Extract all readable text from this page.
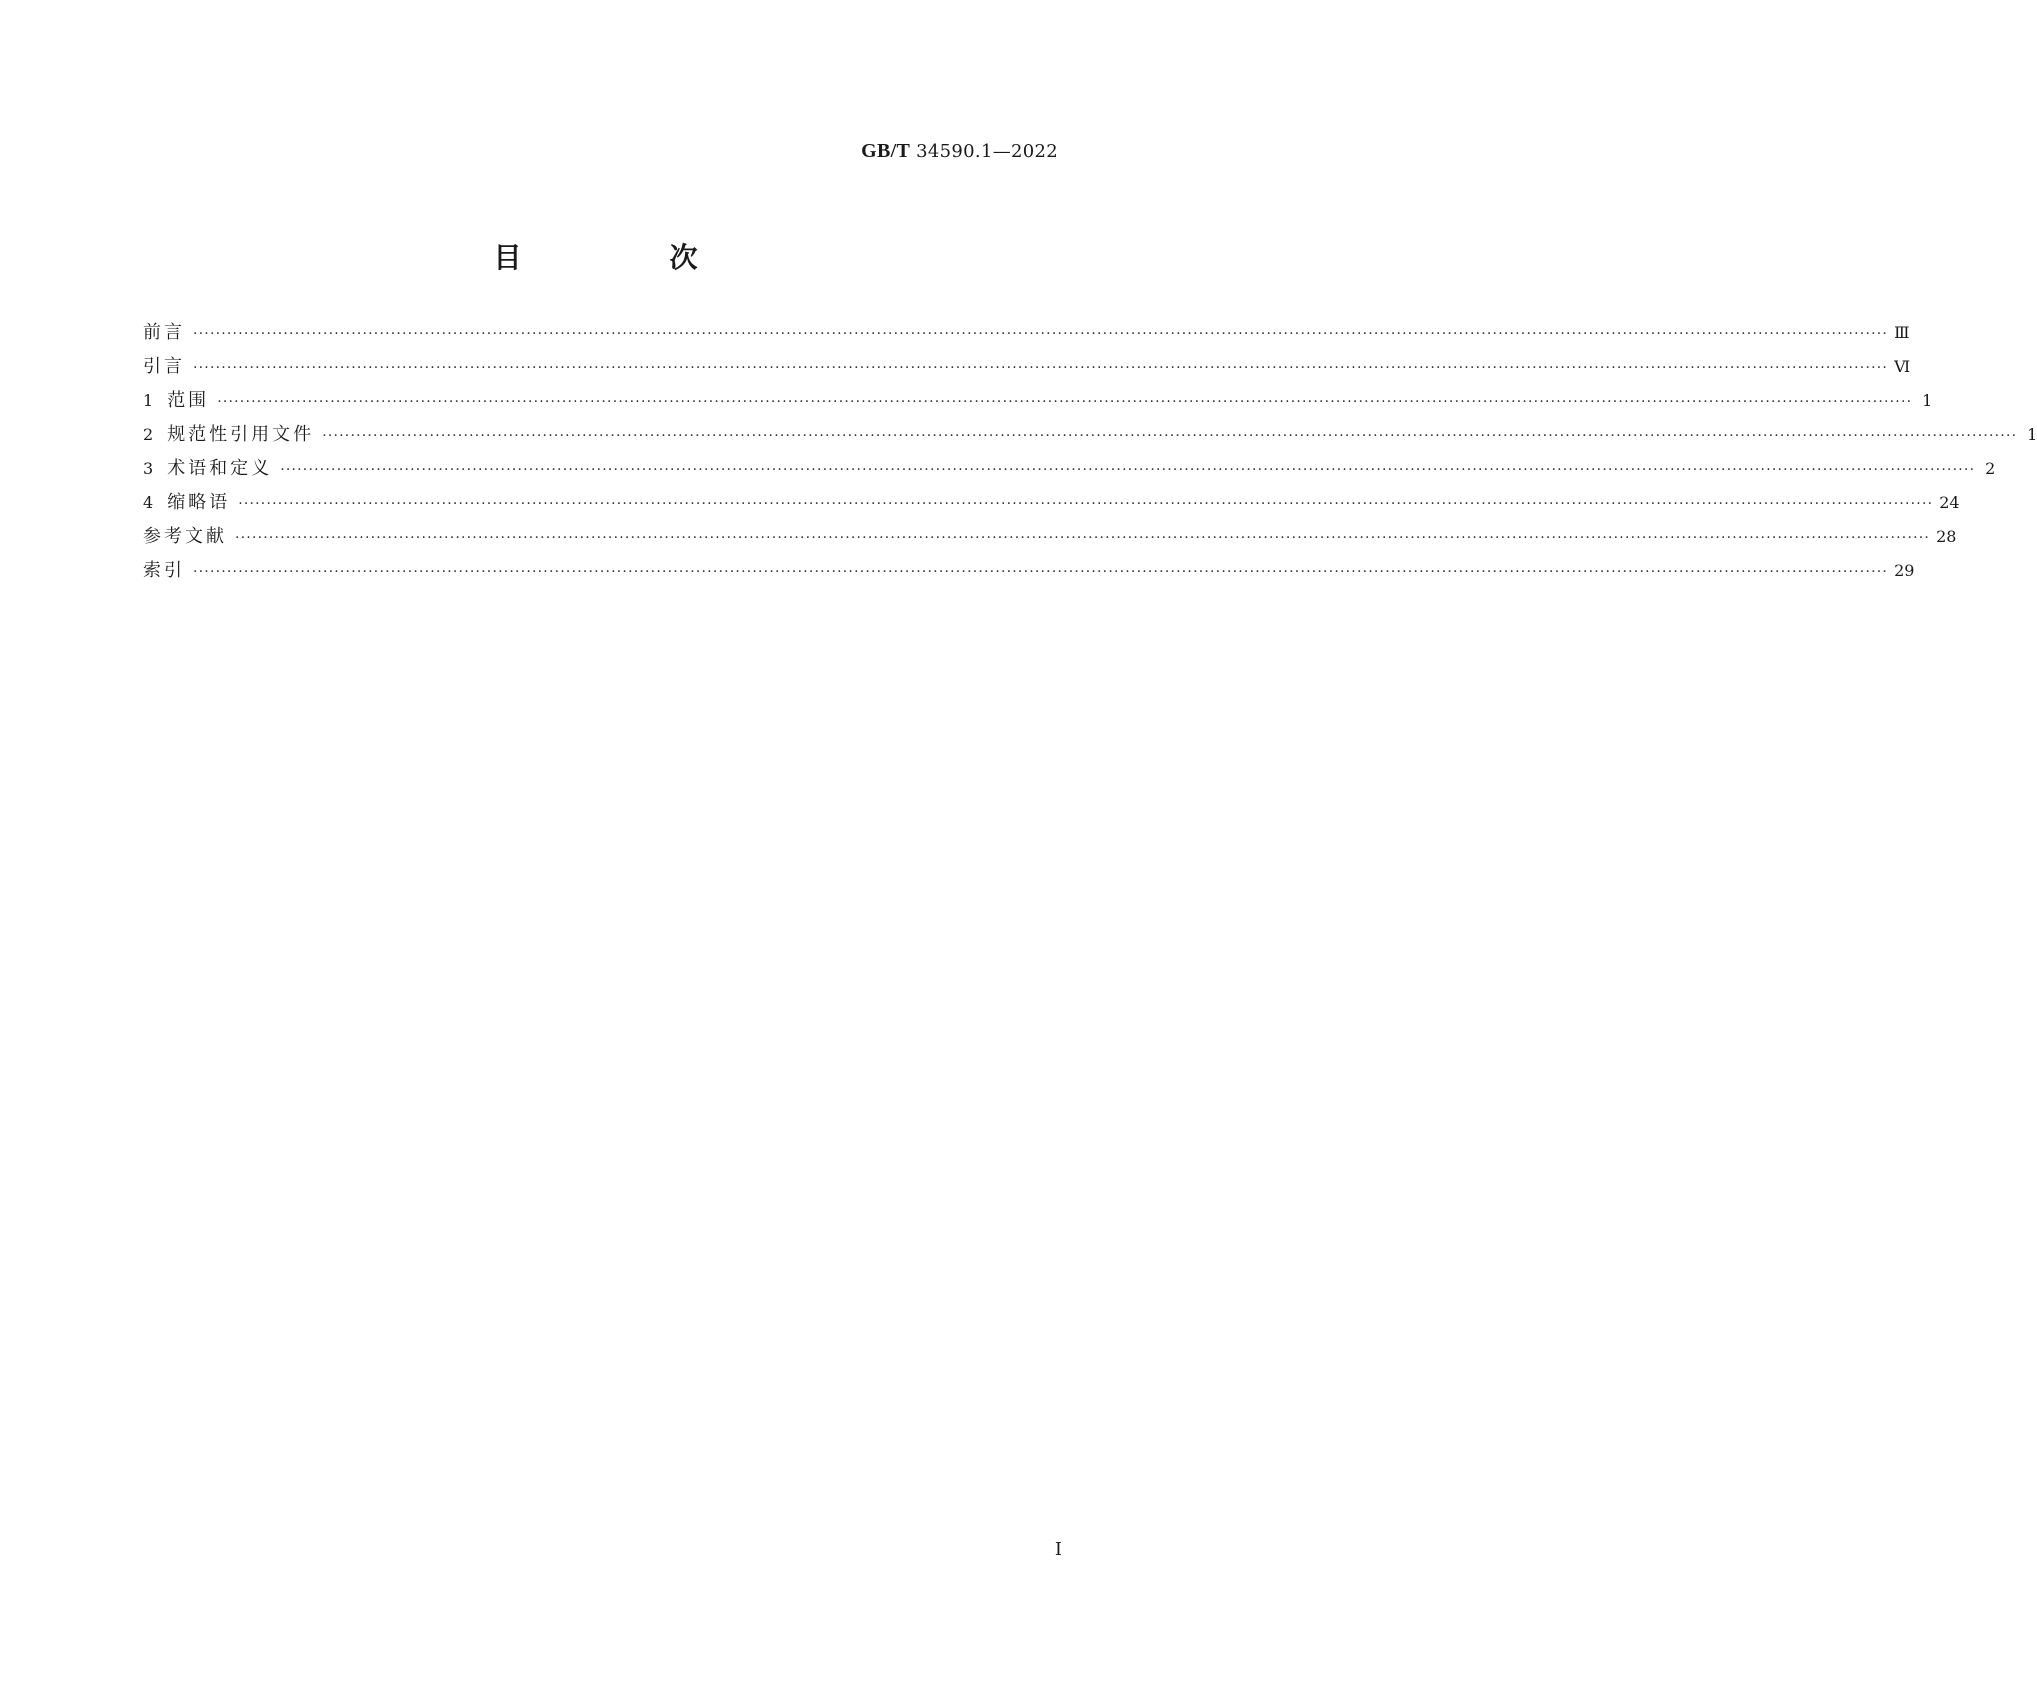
GB/T 34590.1—2022
目　次
前言 ············································································································································································································································································································ Ⅲ
引言 ············································································································································································································································································································ Ⅵ
1 范围 ············································································································································································································································································································ 1
2 规范性引用文件 ············································································································································································································································································································ 1
3 术语和定义 ············································································································································································································································································································ 2
4 缩略语 ············································································································································································································································································································ 24
参考文献 ············································································································································································································································································································ 28
索引 ············································································································································································································································································································ 29
Ⅰ
